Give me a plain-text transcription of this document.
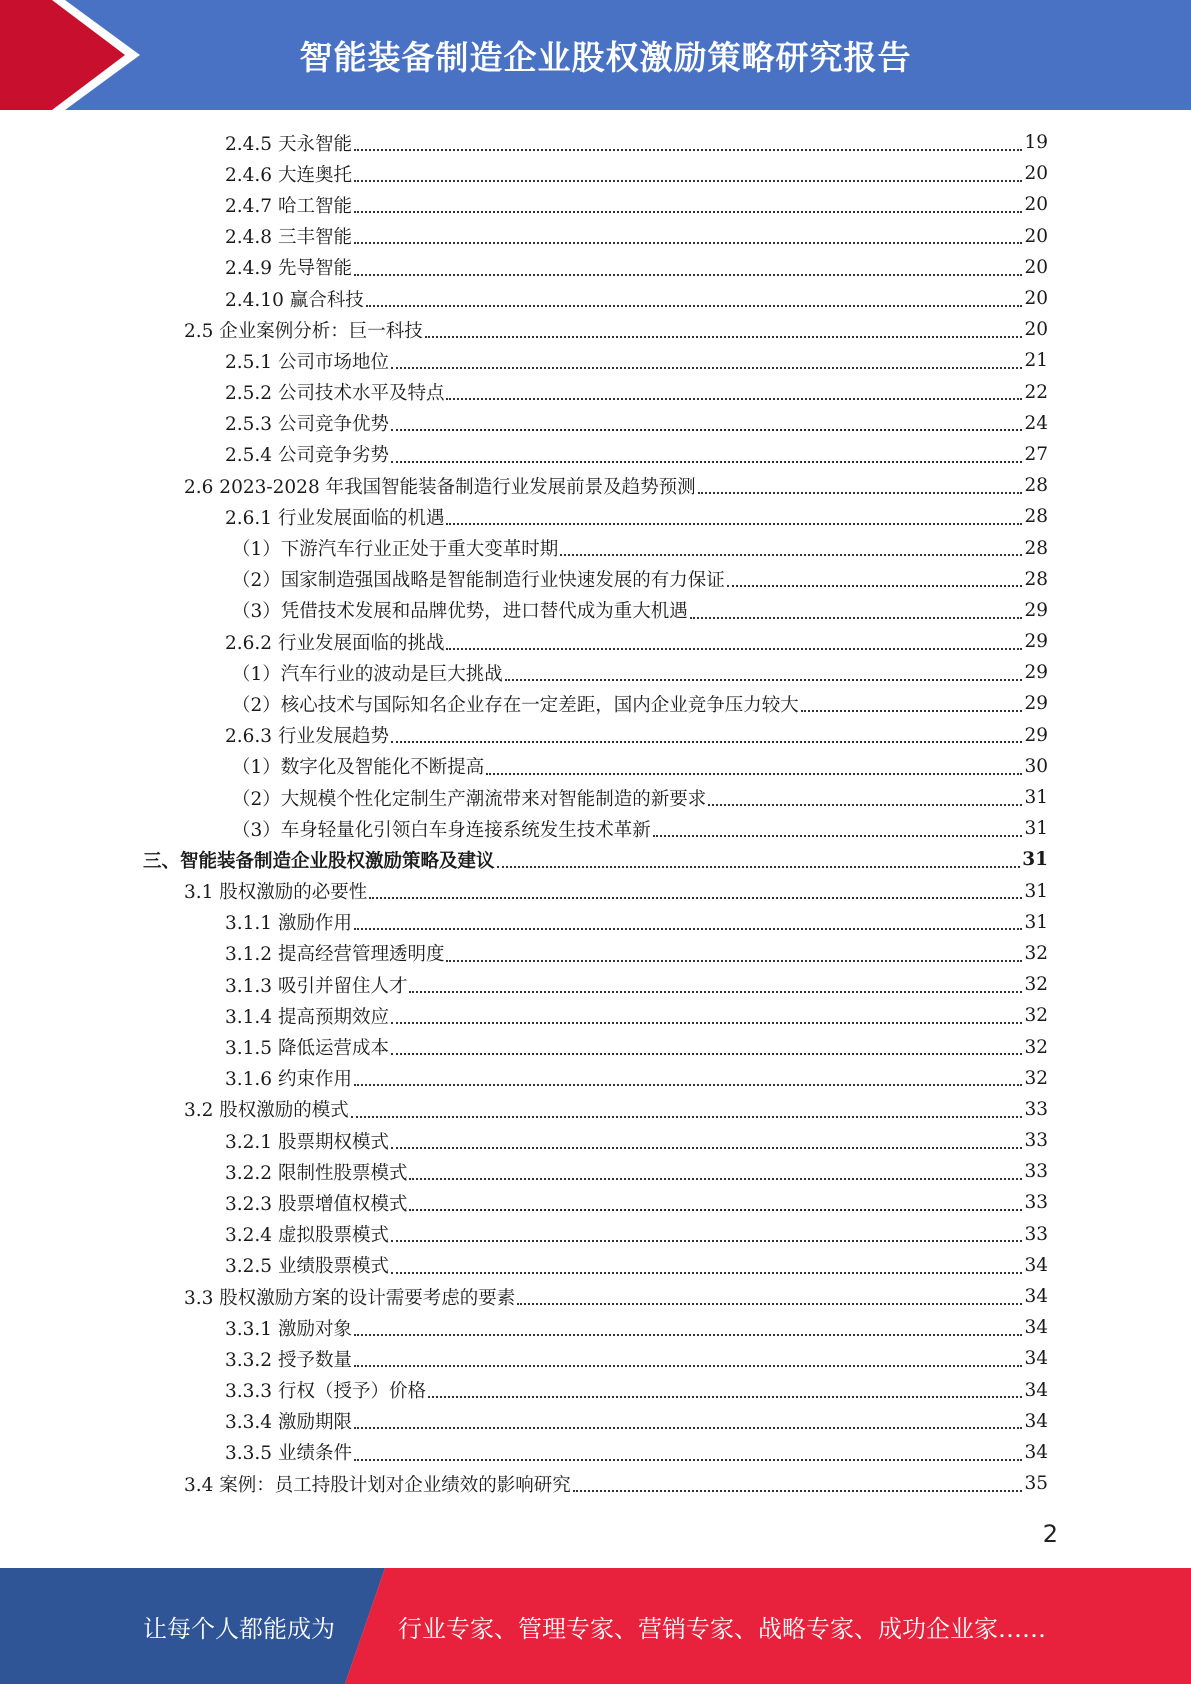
智能装备制造企业股权激励策略研究报告
2.4.5 天永智能	19
2.4.6 大连奥托	20
2.4.7 哈工智能	20
2.4.8 三丰智能	20
2.4.9 先导智能	20
2.4.10 赢合科技	20
2.5 企业案例分析：巨一科技	20
2.5.1 公司市场地位	21
2.5.2 公司技术水平及特点	22
2.5.3 公司竞争优势	24
2.5.4 公司竞争劣势	27
2.6 2023-2028 年我国智能装备制造行业发展前景及趋势预测	28
2.6.1 行业发展面临的机遇	28
（1）下游汽车行业正处于重大变革时期	28
（2）国家制造强国战略是智能制造行业快速发展的有力保证	28
（3）凭借技术发展和品牌优势，进口替代成为重大机遇	29
2.6.2 行业发展面临的挑战	29
（1）汽车行业的波动是巨大挑战	29
（2）核心技术与国际知名企业存在一定差距，国内企业竞争压力较大	29
2.6.3 行业发展趋势	29
（1）数字化及智能化不断提高	30
（2）大规模个性化定制生产潮流带来对智能制造的新要求	31
（3）车身轻量化引领白车身连接系统发生技术革新	31
三、智能装备制造企业股权激励策略及建议	31
3.1 股权激励的必要性	31
3.1.1 激励作用	31
3.1.2 提高经营管理透明度	32
3.1.3 吸引并留住人才	32
3.1.4 提高预期效应	32
3.1.5 降低运营成本	32
3.1.6 约束作用	32
3.2 股权激励的模式	33
3.2.1 股票期权模式	33
3.2.2 限制性股票模式	33
3.2.3 股票增值权模式	33
3.2.4 虚拟股票模式	33
3.2.5 业绩股票模式	34
3.3 股权激励方案的设计需要考虑的要素	34
3.3.1 激励对象	34
3.3.2 授予数量	34
3.3.3 行权（授予）价格	34
3.3.4 激励期限	34
3.3.5 业绩条件	34
3.4 案例：员工持股计划对企业绩效的影响研究	35
2
让每个人都能成为	行业专家、管理专家、营销专家、战略专家、成功企业家……
